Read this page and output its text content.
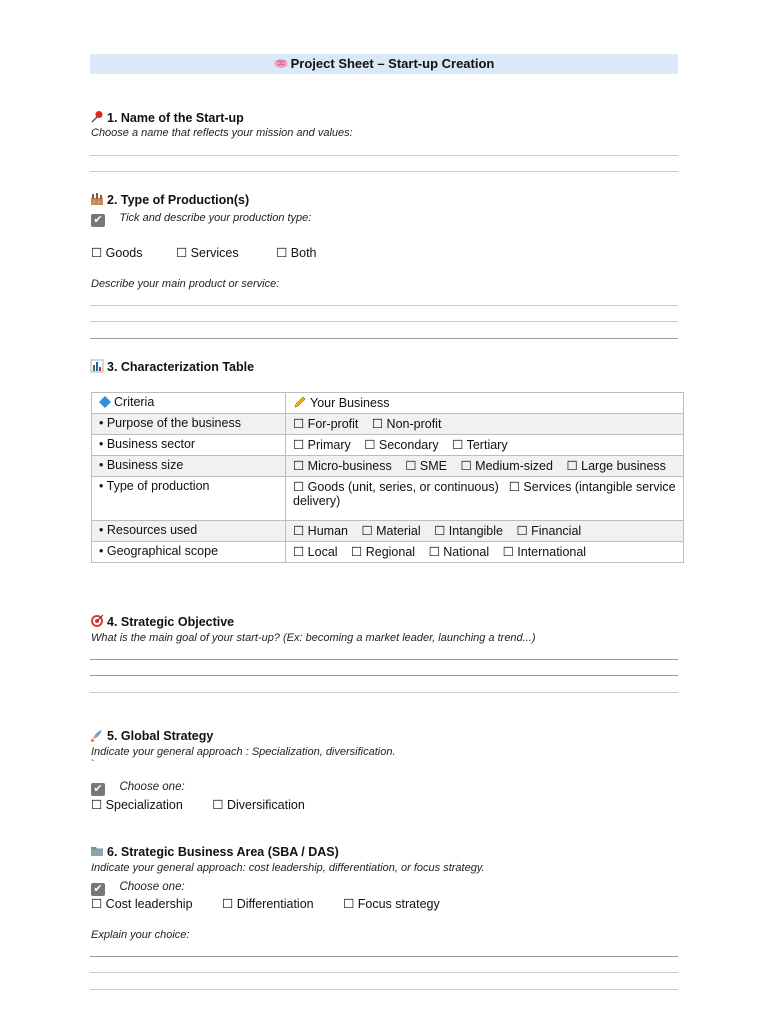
Project Sheet – Start-up Creation
1. Name of the Start-up
Choose a name that reflects your mission and values:
2. Type of Production(s)
✔ Tick and describe your production type:
☐ Goods	☐ Services	☐ Both
Describe your main product or service:
3. Characterization Table
Criteria	Your Business
• Purpose of the business	☐ For-profit ☐ Non-profit
• Business sector	☐ Primary ☐ Secondary ☐ Tertiary
• Business size	☐ Micro-business ☐ SME ☐ Medium-sized ☐ Large business
• Type of production	☐ Goods (unit, series, or continuous) ☐ Services (intangible service delivery)
• Resources used	☐ Human ☐ Material ☐ Intangible ☐ Financial
• Geographical scope	☐ Local ☐ Regional ☐ National ☐ International
4. Strategic Objective
What is the main goal of your start-up? (Ex: becoming a market leader, launching a trend...)
5. Global Strategy
Indicate your general approach : Specialization, diversification.
`
✔ Choose one:
☐ Specialization ☐ Diversification
6. Strategic Business Area (SBA / DAS)
Indicate your general approach: cost leadership, differentiation, or focus strategy.
✔ Choose one:
☐ Cost leadership ☐ Differentiation ☐ Focus strategy
Explain your choice:
